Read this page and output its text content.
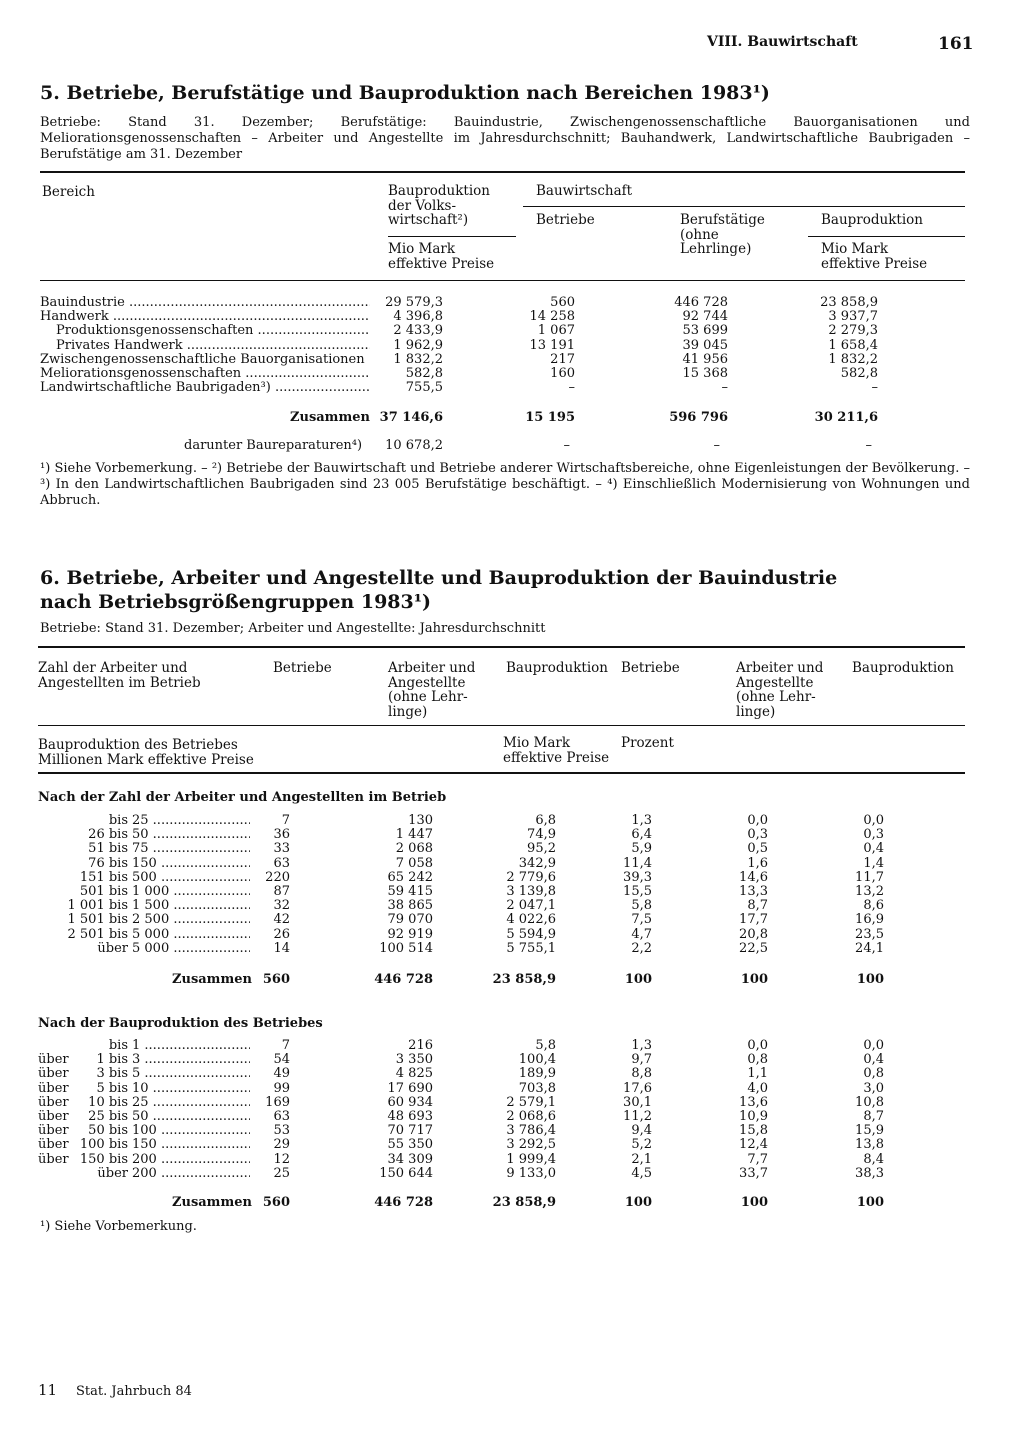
VIII. Bauwirtschaft	161
5. Betriebe, Berufstätige und Bauproduktion nach Bereichen 1983¹)
Betriebe: Stand 31. Dezember; Berufstätige: Bauindustrie, Zwischengenossenschaftliche Bauorganisationen und Meliorationsgenossenschaften – Arbeiter und Angestellte im Jahresdurchschnitt; Bauhandwerk, Landwirtschaftliche Baubrigaden – Berufstätige am 31. Dezember
Bereich	Bauproduktion der Volkswirtschaft²)
Bauwirtschaft
Betriebe	Berufstätige (ohne Lehrlinge)
Bauproduktion
Mio Mark effektive Preise
Mio Mark effektive Preise
Bauindustrie .....	29 579,3	560	446 728	23 858,9
Handwerk .....	4 396,8	14 258	92 744	3 937,7
Produktionsgenossenschaften .....	2 433,9	1 067	53 699	2 279,3
Privates Handwerk .....	1 962,9	13 191	39 045	1 658,4
Zwischengenossenschaftliche Bauorganisationen .....	1 832,2	217	41 956	1 832,2
Meliorationsgenossenschaften .....	582,8	160	15 368	582,8
Landwirtschaftliche Baubrigaden³) .....	755,5	–	–	–
Zusammen 37 146,6	15 195	596 796	30 211,6
darunter Baureparaturen⁴)	10 678,2	–	–	–
¹) Siehe Vorbemerkung. – ²) Betriebe der Bauwirtschaft und Betriebe anderer Wirtschaftsbereiche, ohne Eigenleistungen der Bevölkerung. – ³) In den Landwirtschaftlichen Baubrigaden sind 23 005 Berufstätige beschäftigt. – ⁴) Einschließlich Modernisierung von Wohnungen und Abbruch.
6. Betriebe, Arbeiter und Angestellte und Bauproduktion der Bauindustrie
nach Betriebsgrößengruppen 1983¹)
Betriebe: Stand 31. Dezember; Arbeiter und Angestellte: Jahresdurchschnitt
Zahl der Arbeiter und Angestellten im Betrieb
Betriebe	Arbeiter und Angestellte (ohne Lehrlinge)
Bauproduktion Betriebe	Arbeiter und Angestellte (ohne Lehrlinge)
Bauproduktion
Bauproduktion des Betriebes Millionen Mark effektive Preise
Mio Mark effektive Preise
Prozent
Nach der Zahl der Arbeiter und Angestellten im Betrieb
bis 25 .....	7	130	6,8	1,3	0,0	0,0
26 bis 50 .....	36	1 447	74,9	6,4	0,3	0,3
51 bis 75 .....	33	2 068	95,2	5,9	0,5	0,4
76 bis 150 .....	63	7 058	342,9	11,4	1,6	1,4
151 bis 500 .....	220	65 242	2 779,6	39,3	14,6	11,7
501 bis 1 000 .....	87	59 415	3 139,8	15,5	13,3	13,2
1 001 bis 1 500 .....	32	38 865	2 047,1	5,8	8,7	8,6
1 501 bis 2 500 .....	42	79 070	4 022,6	7,5	17,7	16,9
2 501 bis 5 000 .....	26	92 919	5 594,9	4,7	20,8	23,5
über 5 000 .....	14	100 514	5 755,1	2,2	22,5	24,1
Zusammen 560	446 728	23 858,9	100	100	100
Nach der Bauproduktion des Betriebes
bis 1 .....	7	216	5,8	1,3	0,0	0,0
über	1 bis 3 .....	54	3 350	100,4	9,7	0,8	0,4
über	3 bis 5 .....	49	4 825	189,9	8,8	1,1	0,8
über	5 bis 10 .....	99	17 690	703,8	17,6	4,0	3,0
über	10 bis 25 .....	169	60 934	2 579,1	30,1	13,6	10,8
über	25 bis 50 .....	63	48 693	2 068,6	11,2	10,9	8,7
über	50 bis 100 .....	53	70 717	3 786,4	9,4	15,8	15,9
über 100 bis 150 .....	29	55 350	3 292,5	5,2	12,4	13,8
über 150 bis 200 .....	12	34 309	1 999,4	2,1	7,7	8,4
über 200 .....	25	150 644	9 133,0	4,5	33,7	38,3
Zusammen 560	446 728	23 858,9	100	100	100
¹) Siehe Vorbemerkung.
11 Stat. Jahrbuch 84
